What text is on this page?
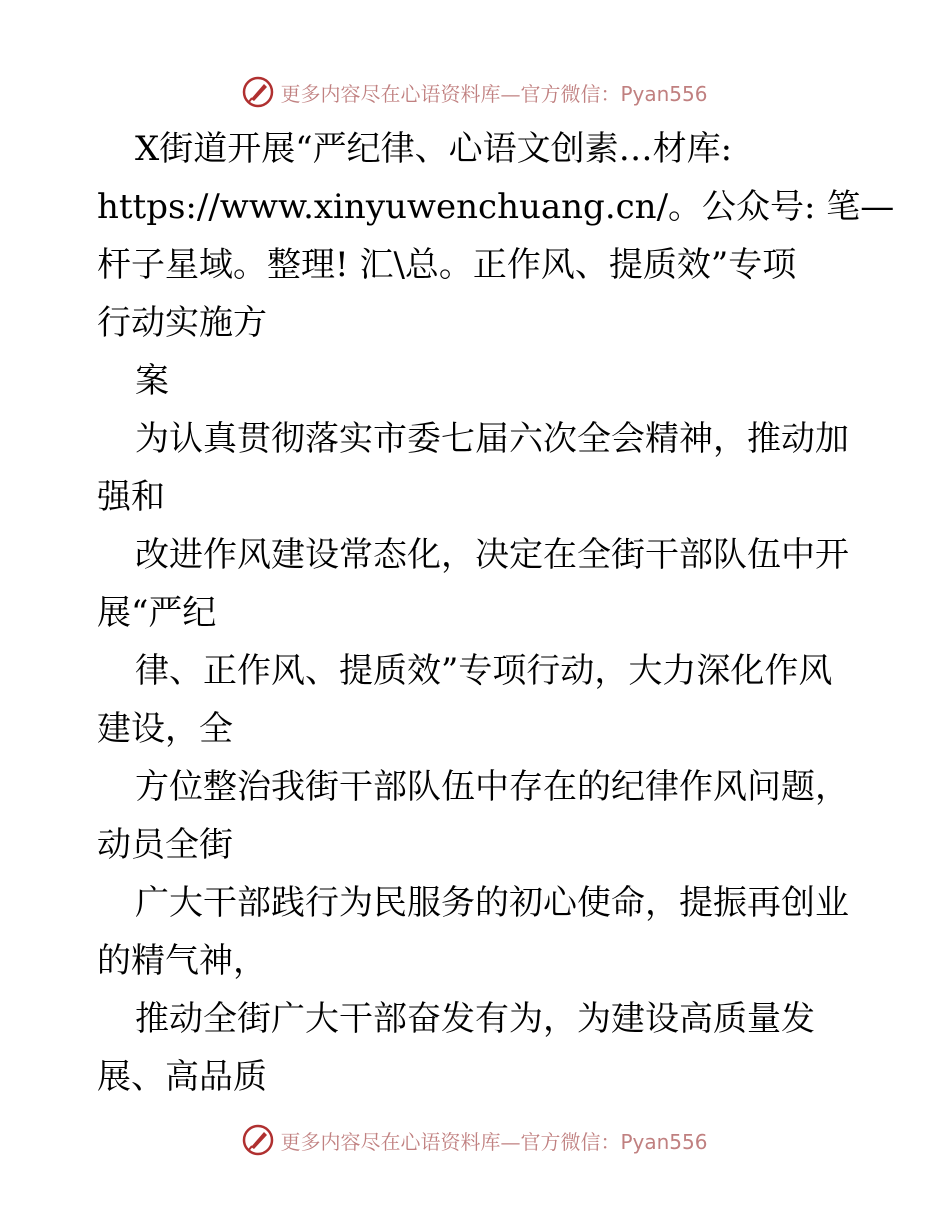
更多内容尽在心语资料库— 官方微信：Pyan556
X街道开展“严纪律、心语文创素…材库:
https://www.xinyuwenchuang.cn/。公众号: 笔—
杆子星域。整理! 汇\总。正作风、提质效”专项
行动实施方
案
为认真贯彻落实市委七届六次全会精神，推动加
强和
改进作风建设常态化，决定在全街干部队伍中开
展“严纪
律、正作风、提质效”专项行动，大力深化作风
建设，全
方位整治我街干部队伍中存在的纪律作风问题，
动员全街
广大干部践行为民服务的初心使命，提振再创业
的精气神，
推动全街广大干部奋发有为，为建设高质量发
展、高品质
更多内容尽在心语资料库— 官方微信：Pyan556
